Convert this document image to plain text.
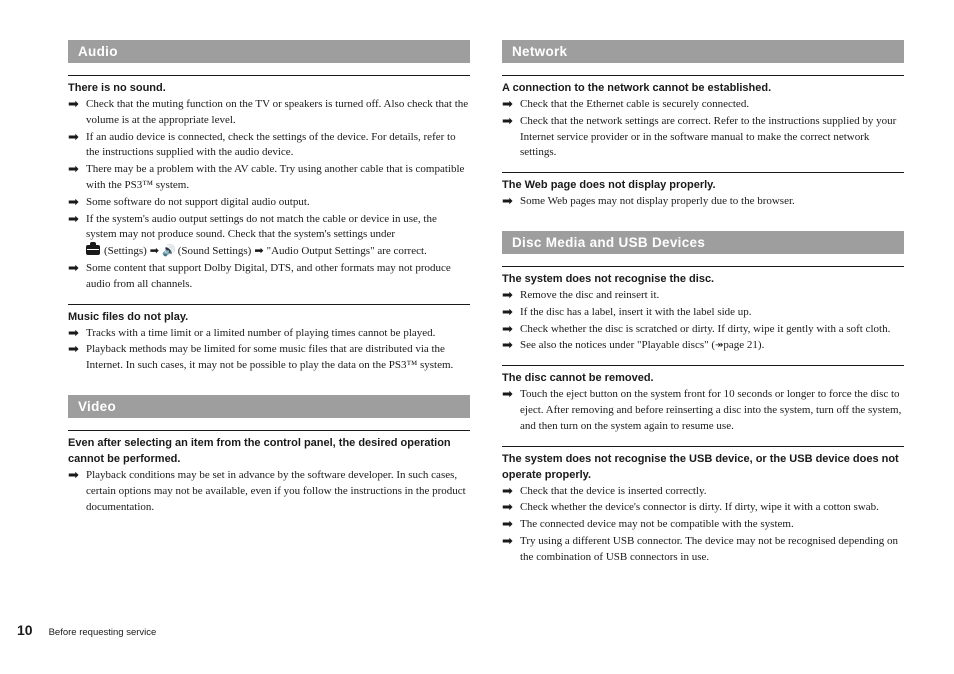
Audio
There is no sound.
➡ Check that the muting function on the TV or speakers is turned off. Also check that the volume is at the appropriate level.
➡ If an audio device is connected, check the settings of the device. For details, refer to the instructions supplied with the audio device.
➡ There may be a problem with the AV cable. Try using another cable that is compatible with the PS3™ system.
➡ Some software do not support digital audio output.
➡ If the system's audio output settings do not match the cable or device in use, the system may not produce sound. Check that the system's settings under
(Settings) ➡ 🔊 (Sound Settings) ➡ "Audio Output Settings" are correct.
➡ Some content that support Dolby Digital, DTS, and other formats may not produce audio from all channels.
Music files do not play.
➡ Tracks with a time limit or a limited number of playing times cannot be played.
➡ Playback methods may be limited for some music files that are distributed via the Internet. In such cases, it may not be possible to play the data on the PS3™ system.
Video
Even after selecting an item from the control panel, the desired operation cannot be performed.
➡ Playback conditions may be set in advance by the software developer. In such cases, certain options may not be available, even if you follow the instructions in the product documentation.
Network
A connection to the network cannot be established.
➡ Check that the Ethernet cable is securely connected.
➡ Check that the network settings are correct. Refer to the instructions supplied by your Internet service provider or in the software manual to make the correct network settings.
The Web page does not display properly.
➡ Some Web pages may not display properly due to the browser.
Disc Media and USB Devices
The system does not recognise the disc.
➡ Remove the disc and reinsert it.
➡ If the disc has a label, insert it with the label side up.
➡ Check whether the disc is scratched or dirty. If dirty, wipe it gently with a soft cloth.
➡ See also the notices under "Playable discs" (↠page 21).
The disc cannot be removed.
➡ Touch the eject button on the system front for 10 seconds or longer to force the disc to eject. After removing and before reinserting a disc into the system, turn off the system, and then turn on the system again to resume use.
The system does not recognise the USB device, or the USB device does not operate properly.
➡ Check that the device is inserted correctly.
➡ Check whether the device's connector is dirty. If dirty, wipe it with a cotton swab.
➡ The connected device may not be compatible with the system.
➡ Try using a different USB connector. The device may not be recognised depending on the combination of USB connectors in use.
10 Before requesting service
